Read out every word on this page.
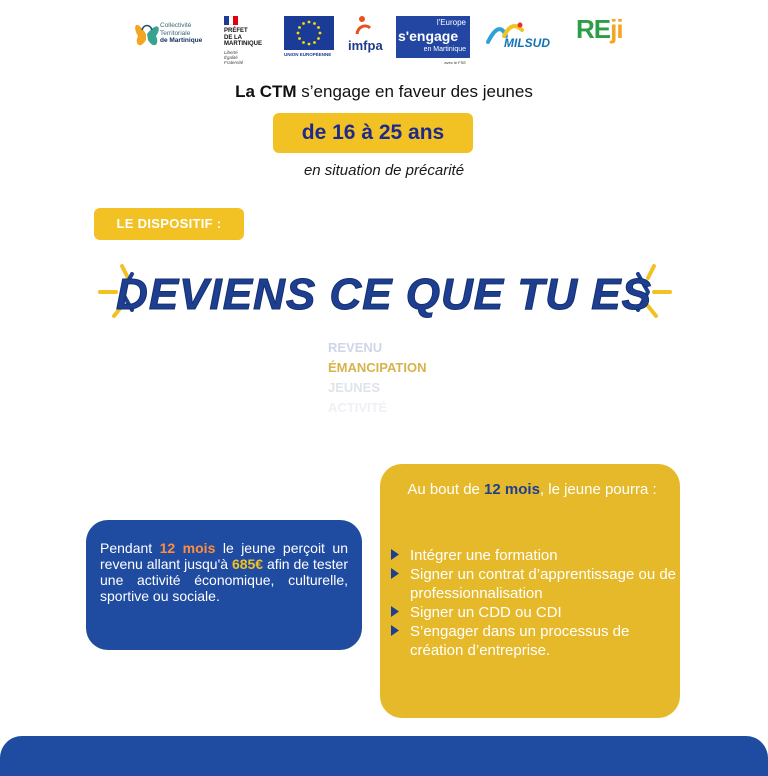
Collectivité
Territoriale
de Martinique
PRÉFET
DE LA
MARTINIQUE
Liberté
Égalité
Fraternité
UNION EUROPÉENNE
imfpa
l'Europe
s'engage
en Martinique
avec le FSE
MILSUD REji
La CTM s’engage en faveur des jeunes
de 16 à 25 ans
en situation de précarité
LE DISPOSITIF :
DEVIENS CE QUE TU ES
REVENU
ÉMANCIPATION
JEUNES
ACTIVITÉ
Pendant 12 mois le jeune perçoit un revenu allant jusqu'à 685€ afin de tester une activité économique, culturelle, sportive ou sociale.
Au bout de 12 mois, le jeune pourra :
Intégrer une formation
Signer un contrat d’apprentissage ou de professionnalisation
Signer un CDD ou CDI
S’engager dans un processus de création d’entreprise.
